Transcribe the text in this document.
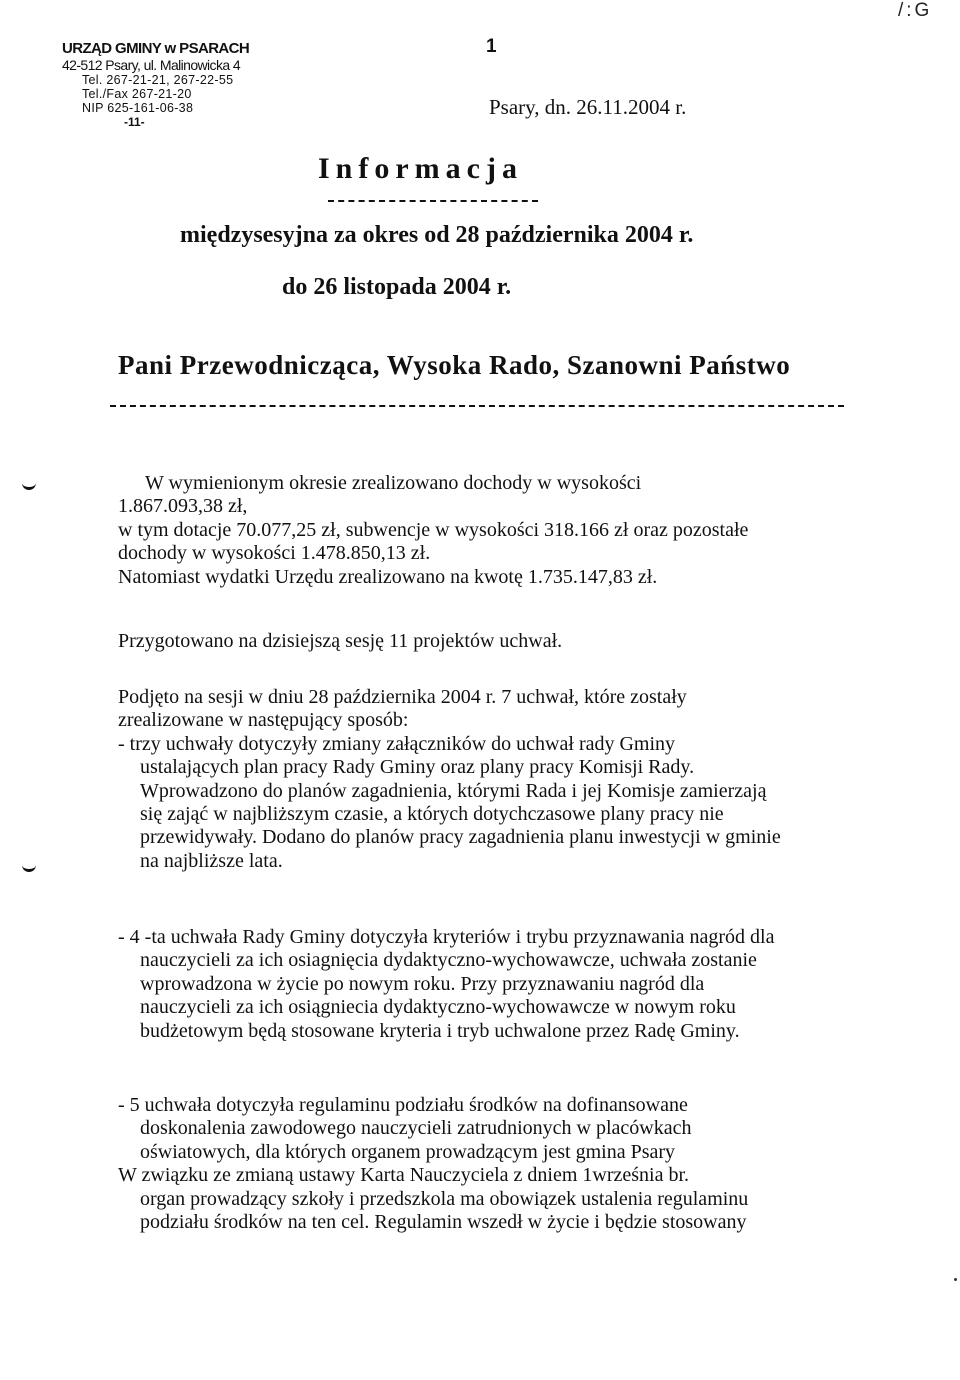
URZĄD GMINY w PSARACH
42-512 Psary, ul. Malinowicka 4
Tel. 267-21-21, 267-22-55
Tel./Fax 267-21-20
NIP 625-161-06-38
-11-
1
/:G
Psary, dn. 26.11.2004 r.
Informacja
międzysesyjna za okres od 28 października 2004 r.
do 26 listopada 2004 r.
Pani Przewodnicząca, Wysoka Rado, Szanowni Państwo
W wymienionym okresie zrealizowano dochody w wysokości
1.867.093,38 zł,
w tym dotacje 70.077,25 zł, subwencje w wysokości 318.166 zł oraz pozostałe
dochody w wysokości 1.478.850,13 zł.
Natomiast wydatki Urzędu zrealizowano na kwotę 1.735.147,83 zł.
Przygotowano na dzisiejszą sesję 11 projektów uchwał.
Podjęto na sesji w dniu 28 października 2004 r. 7 uchwał, które zostały
zrealizowane w następujący sposób:
- trzy uchwały dotyczyły zmiany załączników do uchwał rady Gminy
ustalających plan pracy Rady Gminy oraz plany pracy Komisji Rady.
Wprowadzono do planów zagadnienia, którymi Rada i jej Komisje zamierzają
się zająć w najbliższym czasie, a których dotychczasowe plany pracy nie
przewidywały. Dodano do planów pracy zagadnienia planu inwestycji w gminie
na najbliższe lata.
- 4 -ta uchwała Rady Gminy dotyczyła kryteriów i trybu przyznawania nagród dla
nauczycieli za ich osiagnięcia dydaktyczno-wychowawcze, uchwała zostanie
wprowadzona w życie po nowym roku. Przy przyznawaniu nagród dla
nauczycieli za ich osiągniecia dydaktyczno-wychowawcze w nowym roku
budżetowym będą stosowane kryteria i tryb uchwalone przez Radę Gminy.
- 5 uchwała dotyczyła regulaminu podziału środków na dofinansowane
doskonalenia zawodowego nauczycieli zatrudnionych w placówkach
oświatowych, dla których organem prowadzącym jest gmina Psary
W związku ze zmianą ustawy Karta Nauczyciela z dniem 1września br.
organ prowadzący szkoły i przedszkola ma obowiązek ustalenia regulaminu
podziału środków na ten cel. Regulamin wszedł w życie i będzie stosowany
